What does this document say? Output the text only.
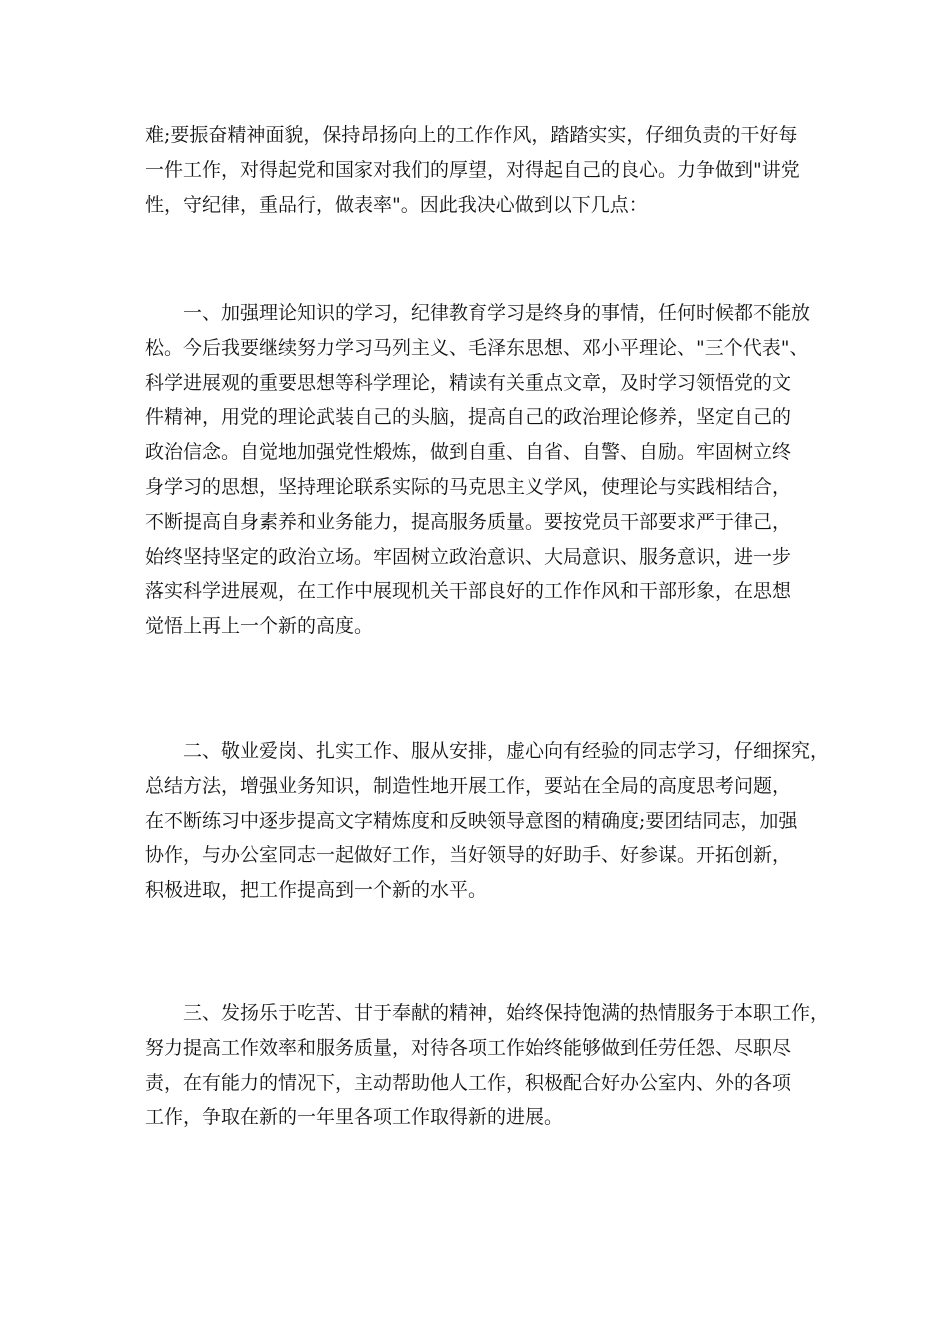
难;要振奋精神面貌，保持昂扬向上的工作作风，踏踏实实，仔细负责的干好每
一件工作，对得起党和国家对我们的厚望，对得起自己的良心。力争做到"讲党
性，守纪律，重品行，做表率"。因此我决心做到以下几点：
一、加强理论知识的学习，纪律教育学习是终身的事情，任何时候都不能放
松。今后我要继续努力学习马列主义、毛泽东思想、邓小平理论、"三个代表"、
科学进展观的重要思想等科学理论，精读有关重点文章，及时学习领悟党的文
件精神，用党的理论武装自己的头脑，提高自己的政治理论修养，坚定自己的
政治信念。自觉地加强党性煅炼，做到自重、自省、自警、自励。牢固树立终
身学习的思想，坚持理论联系实际的马克思主义学风，使理论与实践相结合，
不断提高自身素养和业务能力，提高服务质量。要按党员干部要求严于律己，
始终坚持坚定的政治立场。牢固树立政治意识、大局意识、服务意识，进一步
落实科学进展观，在工作中展现机关干部良好的工作作风和干部形象，在思想
觉悟上再上一个新的高度。
二、敬业爱岗、扎实工作、服从安排，虚心向有经验的同志学习，仔细探究，
总结方法，增强业务知识，制造性地开展工作，要站在全局的高度思考问题，
在不断练习中逐步提高文字精炼度和反映领导意图的精确度;要团结同志，加强
协作，与办公室同志一起做好工作，当好领导的好助手、好参谋。开拓创新，
积极进取，把工作提高到一个新的水平。
三、发扬乐于吃苦、甘于奉献的精神，始终保持饱满的热情服务于本职工作，
努力提高工作效率和服务质量，对待各项工作始终能够做到任劳任怨、尽职尽
责，在有能力的情况下，主动帮助他人工作，积极配合好办公室内、外的各项
工作，争取在新的一年里各项工作取得新的进展。
